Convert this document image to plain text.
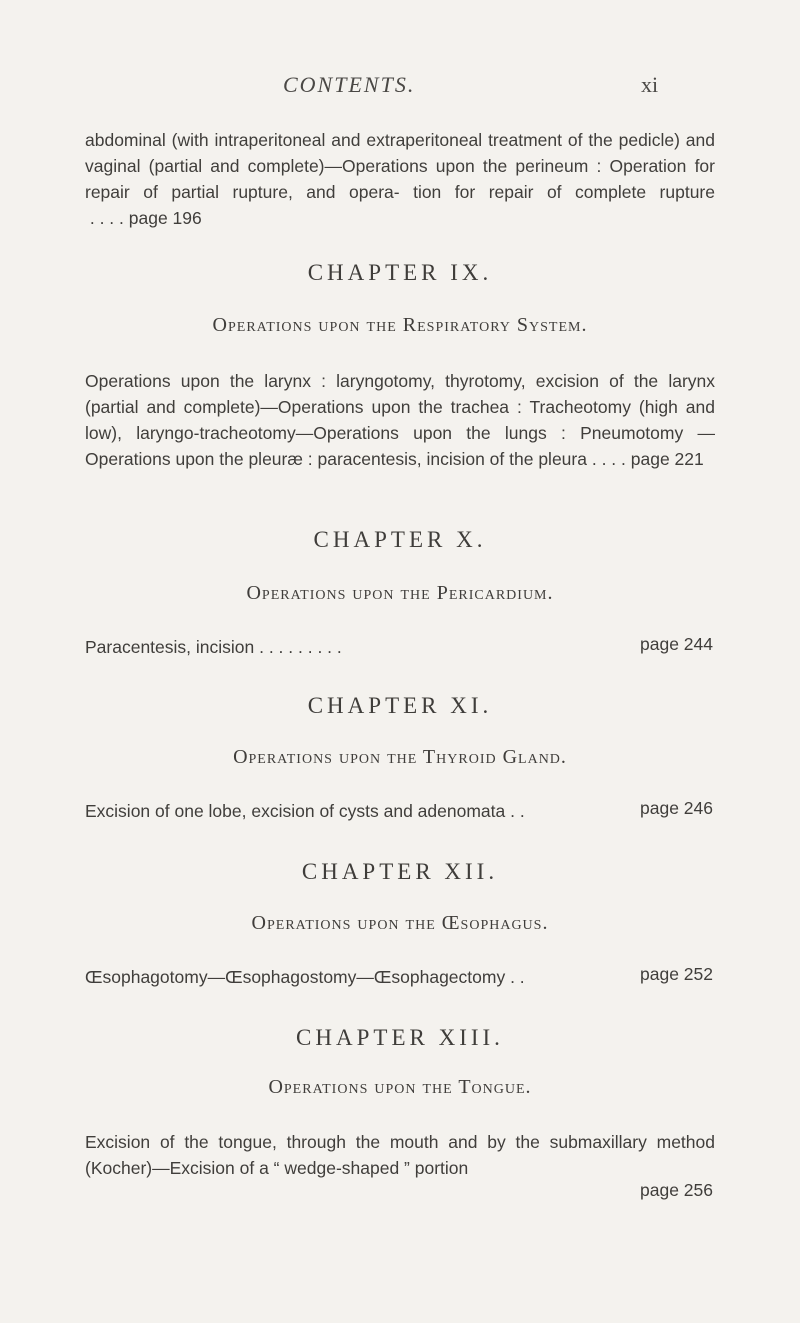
CONTENTS.	xi
abdominal (with intraperitoneal and extraperitoneal treatment of the pedicle) and vaginal (partial and complete)—Operations upon the perineum : Operation for repair of partial rupture, and opera- tion for repair of complete rupture . . . . page 196
CHAPTER IX.
Operations upon the Respiratory System.
Operations upon the larynx : laryngotomy, thyrotomy, excision of the larynx (partial and complete)—Operations upon the trachea : Tracheotomy (high and low), laryngo-tracheotomy—Operations upon the lungs : Pneumotomy — Operations upon the pleuræ : paracentesis, incision of the pleura . . . . page 221
CHAPTER X.
Operations upon the Pericardium.
Paracentesis, incision . . . . . . . . .	page 244
CHAPTER XI.
Operations upon the Thyroid Gland.
Excision of one lobe, excision of cysts and adenomata . .	page 246
CHAPTER XII.
Operations upon the Œsophagus.
Œsophagotomy—Œsophagostomy—Œsophagectomy . .	page 252
CHAPTER XIII.
Operations upon the Tongue.
Excision of the tongue, through the mouth and by the submaxillary method (Kocher)—Excision of a “ wedge-shaped ” portion
page 256
